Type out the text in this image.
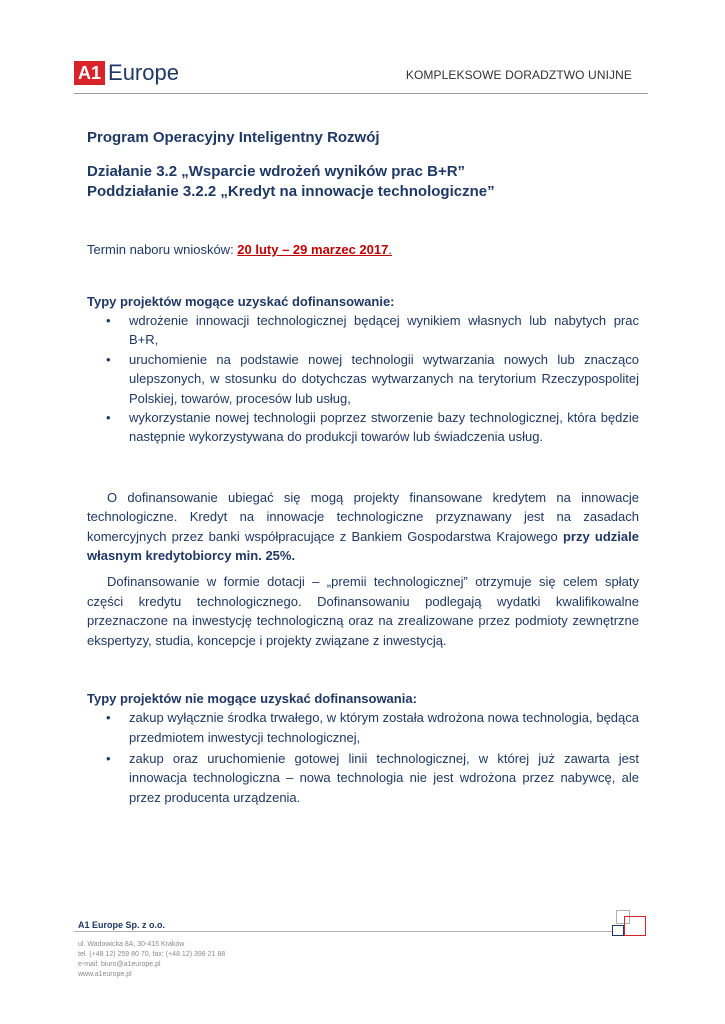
A1 Europe	KOMPLEKSOWE DORADZTWO UNIJNE

Program Operacyjny Inteligentny Rozwój

Działanie 3.2 „Wsparcie wdrożeń wyników prac B+R”

Poddziałanie 3.2.2 „Kredyt na innowacje technologiczne”

Termin naboru wniosków: 20 luty – 29 marzec 2017.
Typy projektów mogące uzyskać dofinansowanie:
• wdrożenie innowacji technologicznej będącej wynikiem własnych lub nabytych prac B+R,
• uruchomienie na podstawie nowej technologii wytwarzania nowych lub znacząco ulepszonych, w stosunku do dotychczas wytwarzanych na terytorium Rzeczypospolitej Polskiej, towarów, procesów lub usług,
• wykorzystanie nowej technologii poprzez stworzenie bazy technologicznej, która będzie następnie wykorzystywana do produkcji towarów lub świadczenia usług.

O dofinansowanie ubiegać się mogą projekty finansowane kredytem na innowacje technologiczne. Kredyt na innowacje technologiczne przyznawany jest na zasadach komercyjnych przez banki współpracujące z Bankiem Gospodarstwa Krajowego przy udziale własnym kredytobiorcy min. 25%.

Dofinansowanie w formie dotacji – „premii technologicznej” otrzymuje się celem spłaty części kredytu technologicznego. Dofinansowaniu podlegają wydatki kwalifikowalne przeznaczone na inwestycję technologiczną oraz na zrealizowane przez podmioty zewnętrzne ekspertyzy, studia, koncepcje i projekty związane z inwestycją.

Typy projektów nie mogące uzyskać dofinansowania:
• zakup wyłącznie środka trwałego, w którym została wdrożona nowa technologia, będąca przedmiotem inwestycji technologicznej,
• zakup oraz uruchomienie gotowej linii technologicznej, w której już zawarta jest innowacja technologiczna – nowa technologia nie jest wdrożona przez nabywcę, ale przez producenta urządzenia.
A1 Europe Sp. z o.o.
ul. Wadowicka 8A, 30-415 Kraków
tel. (+48 12) 259 80 70, fax: (+48 12) 398 21 88
e-mail: biuro@a1europe.pl
www.a1europe.pl
